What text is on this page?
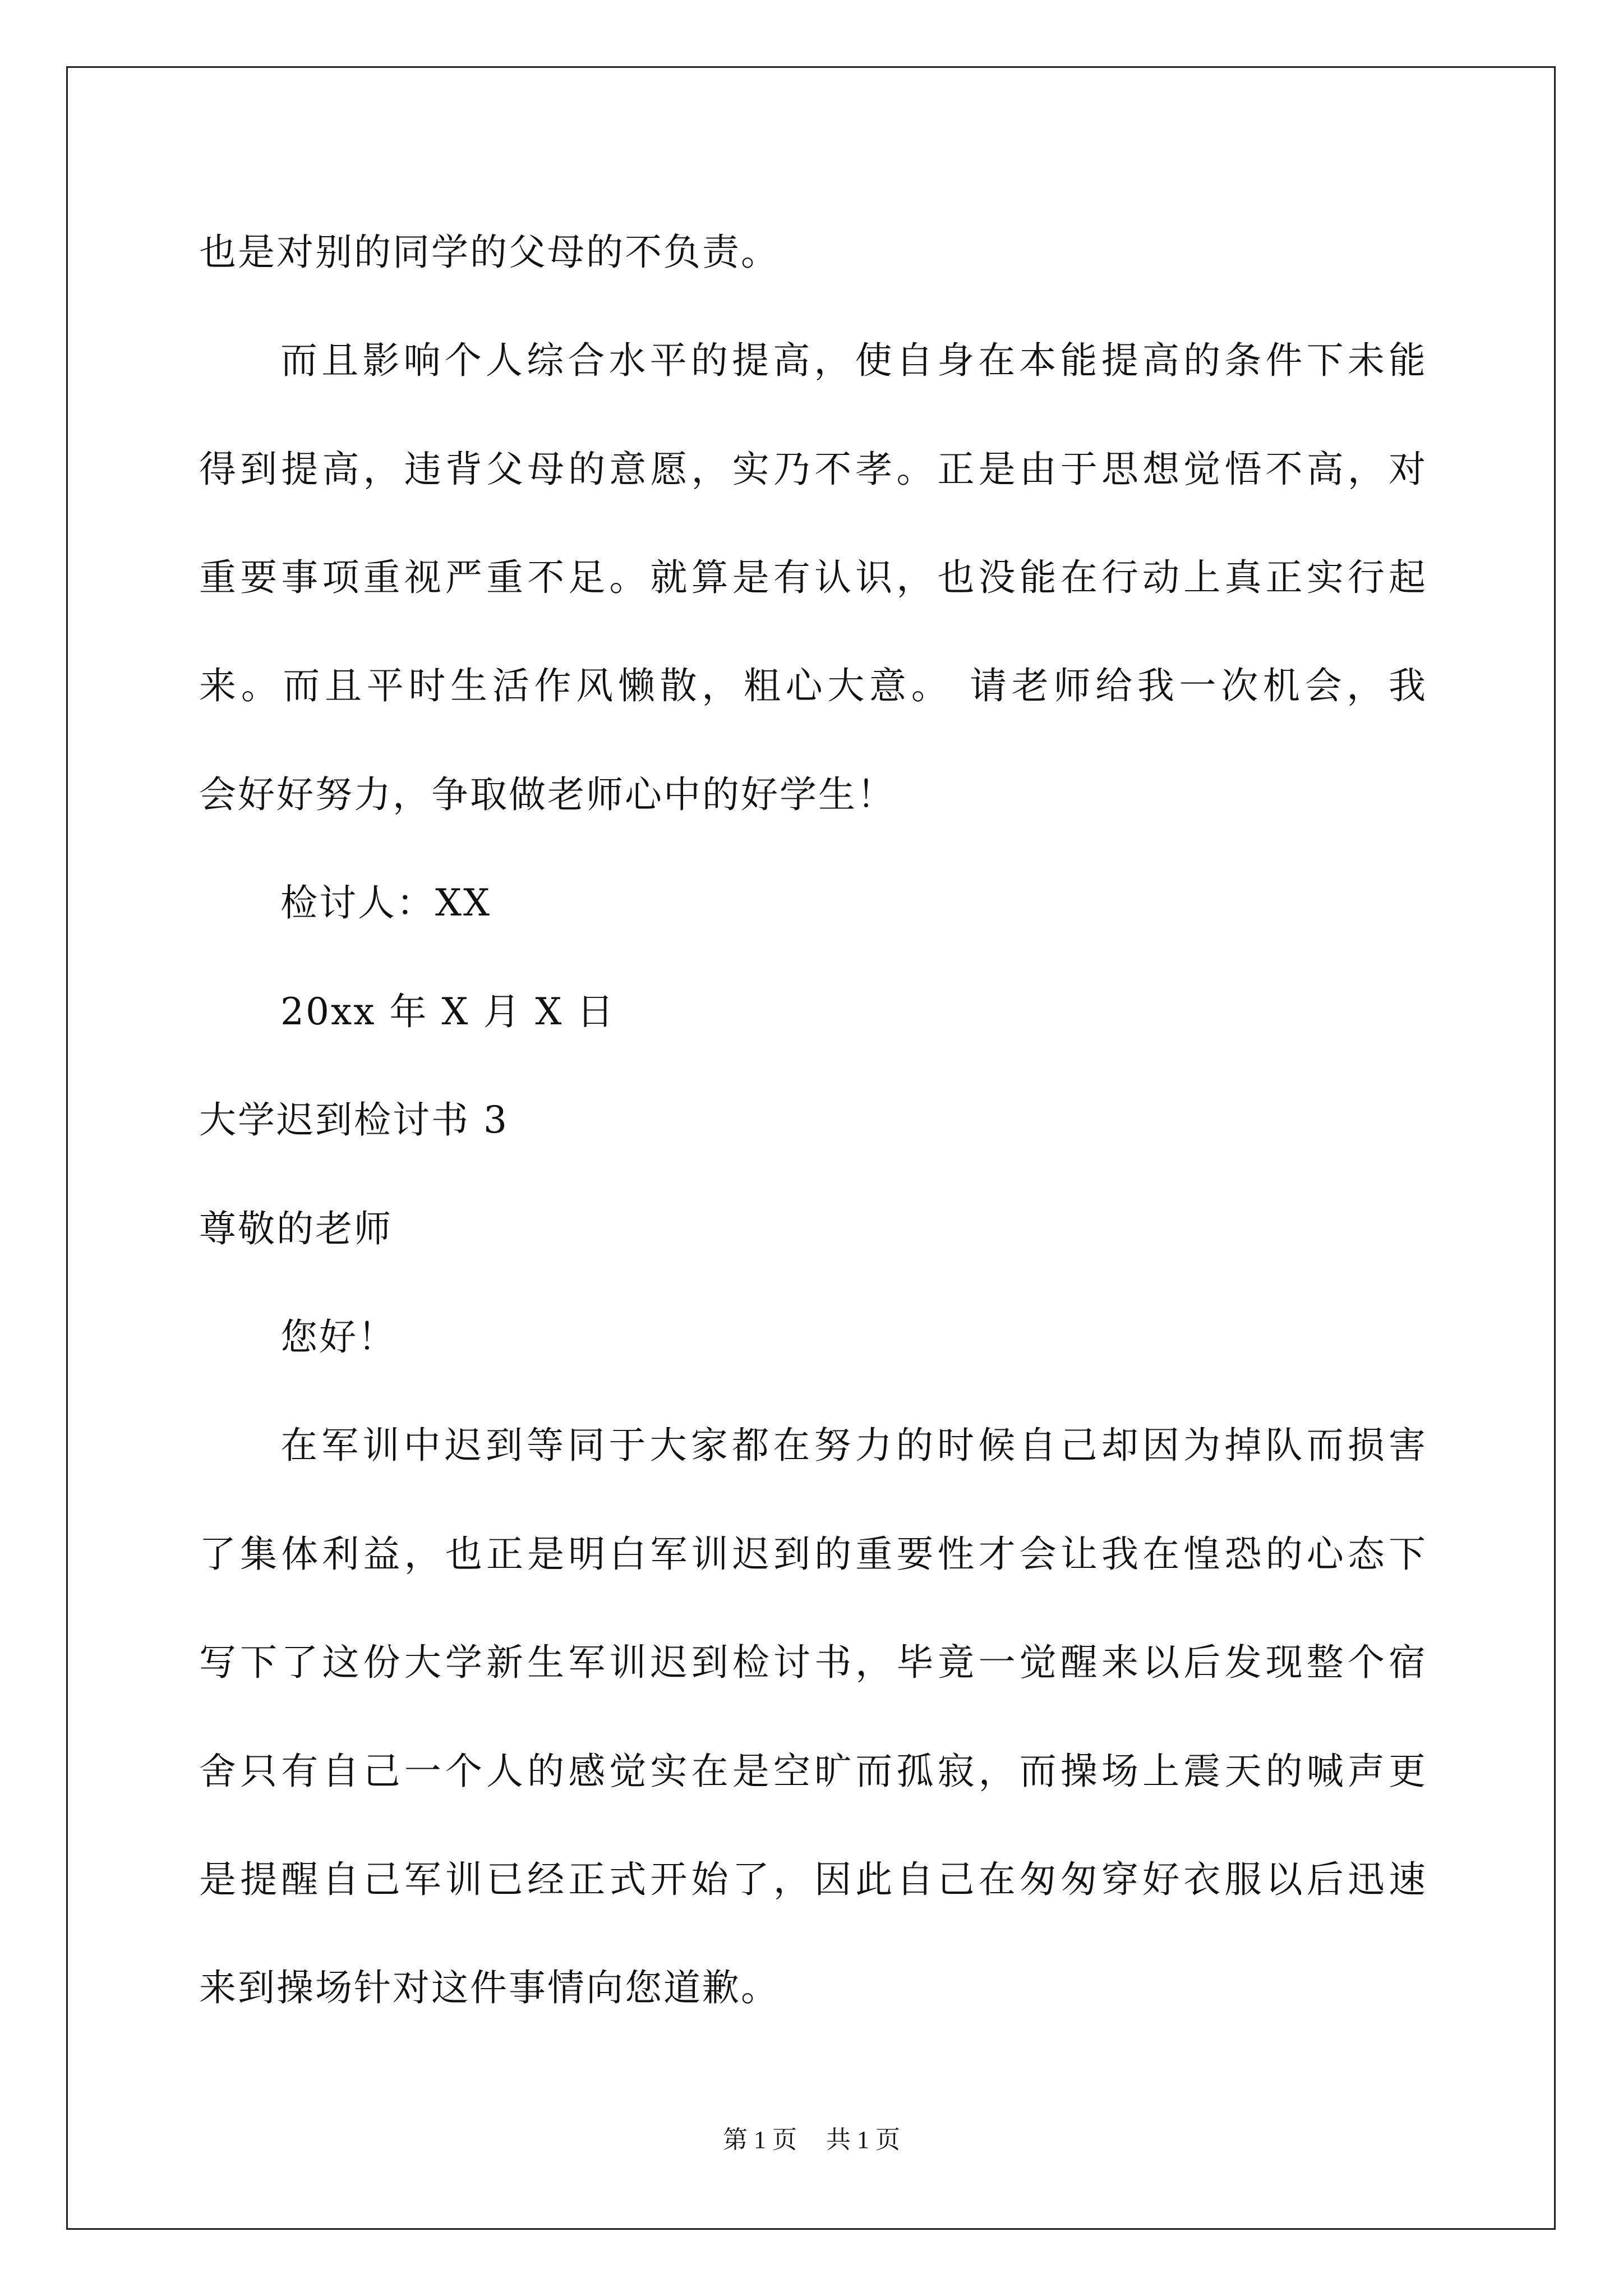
也是对别的同学的父母的不负责。
而且影响个人综合水平的提高，使自身在本能提高的条件下未能
得到提高，违背父母的意愿，实乃不孝。正是由于思想觉悟不高，对
重要事项重视严重不足。就算是有认识，也没能在行动上真正实行起
来。而且平时生活作风懒散，粗心大意。 请老师给我一次机会，我
会好好努力，争取做老师心中的好学生！
检讨人：XX
20xx 年 X 月 X 日
大学迟到检讨书 3
尊敬的老师
您好！
在军训中迟到等同于大家都在努力的时候自己却因为掉队而损害
了集体利益，也正是明白军训迟到的重要性才会让我在惶恐的心态下
写下了这份大学新生军训迟到检讨书，毕竟一觉醒来以后发现整个宿
舍只有自己一个人的感觉实在是空旷而孤寂，而操场上震天的喊声更
是提醒自己军训已经正式开始了，因此自己在匆匆穿好衣服以后迅速
来到操场针对这件事情向您道歉。
第 1 页 共 1 页
